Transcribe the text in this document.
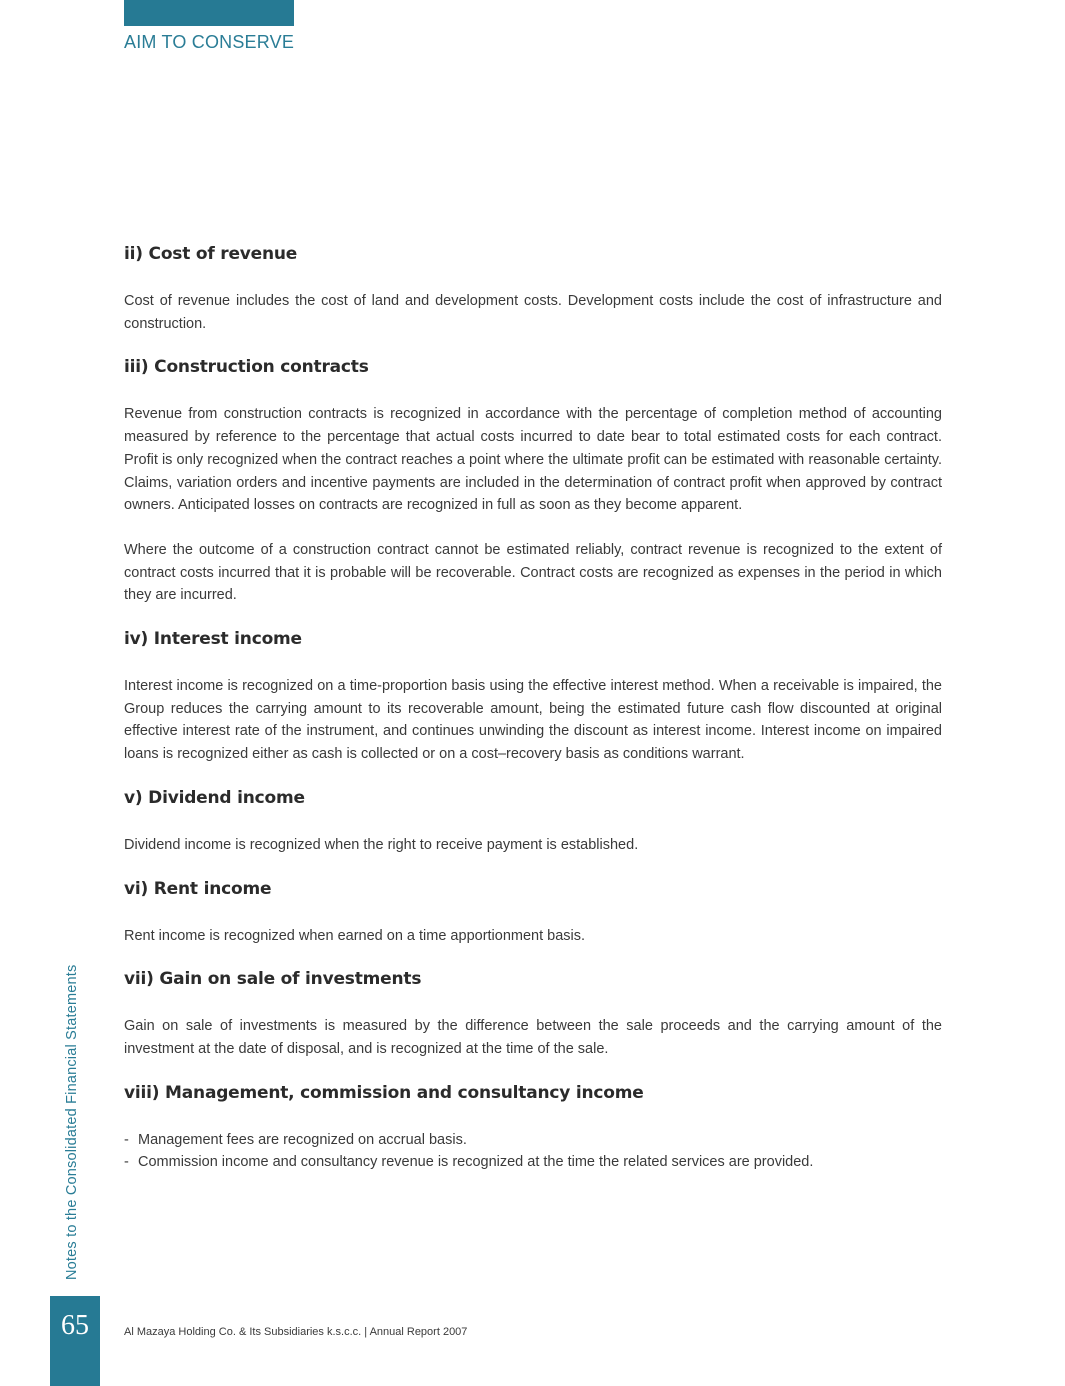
AIM TO CONSERVE
ii) Cost of revenue

Cost of revenue includes the cost of land and development costs. Development costs include the cost of infrastructure and construction.

iii) Construction contracts

Revenue from construction contracts is recognized in accordance with the percentage of completion method of accounting measured by reference to the percentage that actual costs incurred to date bear to total estimated costs for each contract. Profit is only recognized when the contract reaches a point where the ultimate profit can be estimated with reasonable certainty. Claims, variation orders and incentive payments are included in the determination of contract profit when approved by contract owners. Anticipated losses on contracts are recognized in full as soon as they become apparent.

Where the outcome of a construction contract cannot be estimated reliably, contract revenue is recognized to the extent of contract costs incurred that it is probable will be recoverable. Contract costs are recognized as expenses in the period in which they are incurred.

iv) Interest income

Interest income is recognized on a time-proportion basis using the effective interest method. When a receivable is impaired, the Group reduces the carrying amount to its recoverable amount, being the estimated future cash flow discounted at original effective interest rate of the instrument, and continues unwinding the discount as interest income. Interest income on impaired loans is recognized either as cash is collected or on a cost–recovery basis as conditions warrant.

v) Dividend income

Dividend income is recognized when the right to receive payment is established.

vi) Rent income

Rent income is recognized when earned on a time apportionment basis.

vii) Gain on sale of investments

Gain on sale of investments is measured by the difference between the sale proceeds and the carrying amount of the investment at the date of disposal, and is recognized at the time of the sale.

viii) Management, commission and consultancy income
- Management fees are recognized on accrual basis.
- Commission income and consultancy revenue is recognized at the time the related services are provided.
Notes to the Consolidated Financial Statements
65	Al Mazaya Holding Co. & Its Subsidiaries k.s.c.c. | Annual Report 2007
